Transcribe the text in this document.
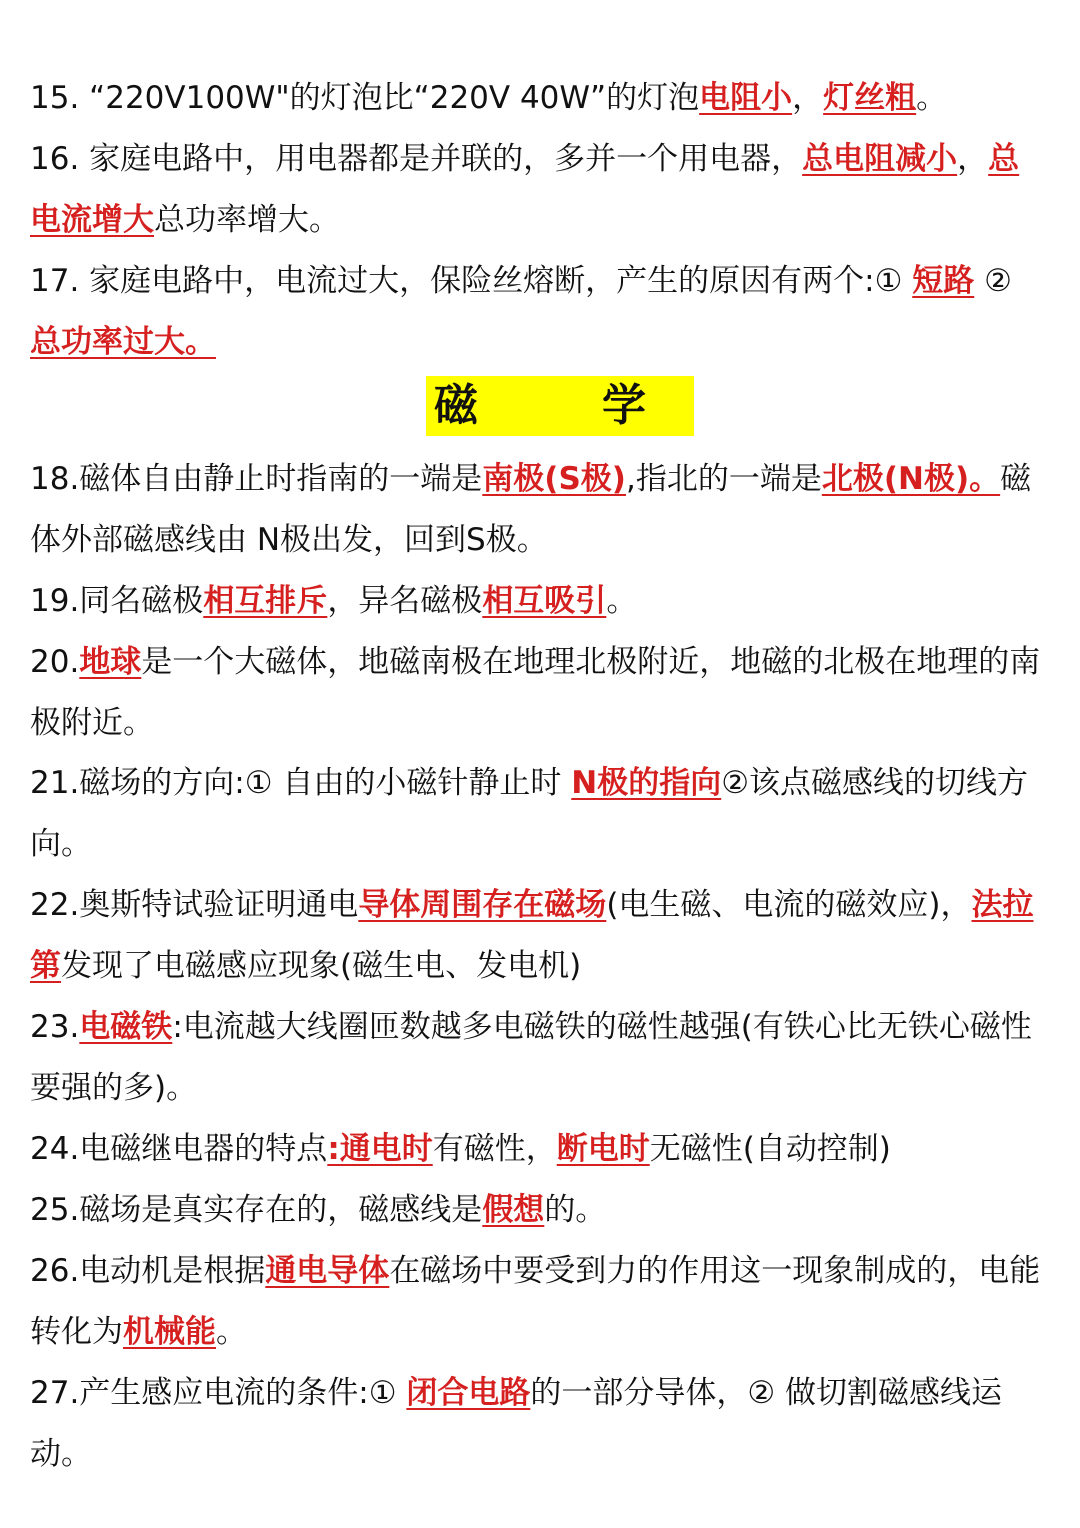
15. “220V100W"的灯泡比“220V 40W”的灯泡电阻小，灯丝粗。
16. 家庭电路中，用电器都是并联的，多并一个用电器，总电阻减小，总电流增大总功率增大。
17. 家庭电路中，电流过大，保险丝熔断，产生的原因有两个:① 短路 ② 总功率过大。
磁　学
18.磁体自由静止时指南的一端是南极(S极),指北的一端是北极(N极)。磁体外部磁感线由 N极出发，回到S极。
19.同名磁极相互排斥，异名磁极相互吸引。
20.地球是一个大磁体，地磁南极在地理北极附近，地磁的北极在地理的南极附近。
21.磁场的方向:① 自由的小磁针静止时 N极的指向②该点磁感线的切线方向。
22.奥斯特试验证明通电导体周围存在磁场(电生磁、电流的磁效应)，法拉第发现了电磁感应现象(磁生电、发电机)
23.电磁铁:电流越大线圈匝数越多电磁铁的磁性越强(有铁心比无铁心磁性要强的多)。
24.电磁继电器的特点:通电时有磁性，断电时无磁性(自动控制)
25.磁场是真实存在的，磁感线是假想的。
26.电动机是根据通电导体在磁场中要受到力的作用这一现象制成的，电能转化为机械能。
27.产生感应电流的条件:① 闭合电路的一部分导体，② 做切割磁感线运动。
